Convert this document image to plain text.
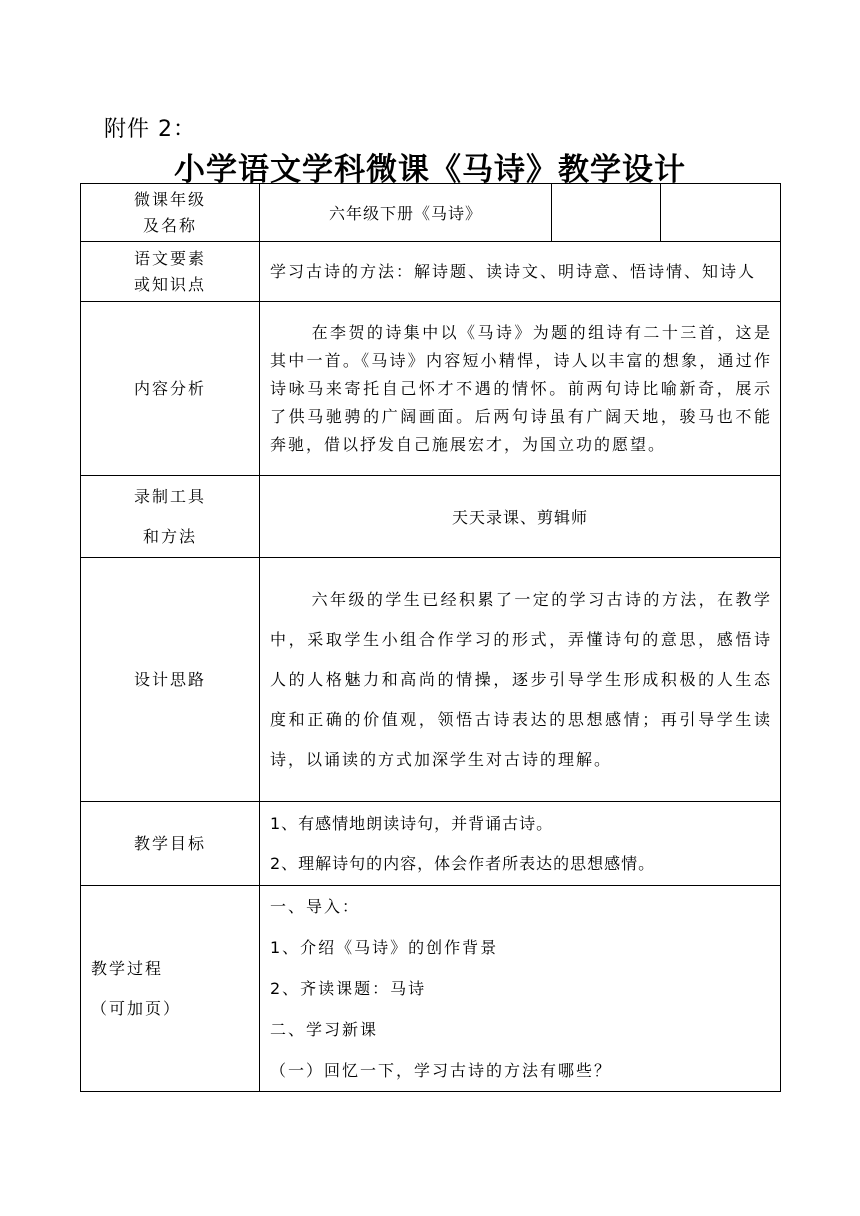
附件 2：
小学语文学科微课《马诗》教学设计
微课年级
及名称	六年级下册《马诗》		

语文要素
或知识点	学习古诗的方法：解诗题、读诗文、明诗意、悟诗情、知诗人		
内容分析	在李贺的诗集中以《马诗》为题的组诗有二十三首，这是其中一首。《马诗》内容短小精悍，诗人以丰富的想象，通过作诗咏马来寄托自己怀才不遇的情怀。前两句诗比喻新奇，展示了供马驰骋的广阔画面。后两句诗虽有广阔天地，骏马也不能奔驰，借以抒发自己施展宏才，为国立功的愿望。		

录制工具
和方法	天天录课、剪辑师		
设计思路	六年级的学生已经积累了一定的学习古诗的方法，在教学中，采取学生小组合作学习的形式，弄懂诗句的意思，感悟诗人的人格魅力和高尚的情操，逐步引导学生形成积极的人生态度和正确的价值观，领悟古诗表达的思想感情；再引导学生读诗，以诵读的方式加深学生对古诗的理解。		
教学目标	1、有感情地朗读诗句，并背诵古诗。
2、理解诗句的内容，体会作者所表达的思想感情。		

教学过程
（可加页）	一、导入：
1、介绍《马诗》的创作背景
2、齐读课题：马诗
二、学习新课
（一）回忆一下，学习古诗的方法有哪些？		
